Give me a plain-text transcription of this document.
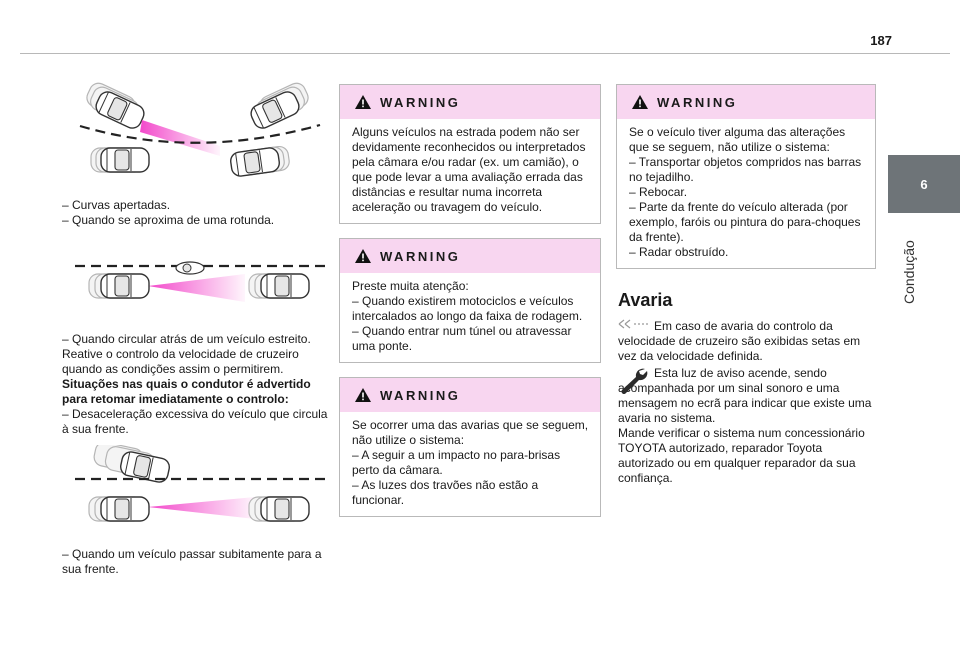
187
6
Condução

– Curvas apertadas.

– Quando se aproxima de uma rotunda.

– Quando circular atrás de um veículo estreito. Reative o controlo da velocidade de cruzeiro quando as condições assim o permitirem.

Situações nas quais o condutor é advertido para retomar imediatamente o controlo:

– Desaceleração excessiva do veículo que circula à sua frente.

– Quando um veículo passar subitamente para a sua frente.

WARNING

Alguns veículos na estrada podem não ser devidamente reconhecidos ou interpretados pela câmara e/ou radar (ex. um camião), o que pode levar a uma avaliação errada das distâncias e resultar numa incorreta aceleração ou travagem do veículo.

WARNING

Preste muita atenção:

– Quando existirem motociclos e veículos intercalados ao longo da faixa de rodagem.

– Quando entrar num túnel ou atravessar uma ponte.

WARNING

Se ocorrer uma das avarias que se seguem, não utilize o sistema:

– A seguir a um impacto no para-brisas perto da câmara.

– As luzes dos travões não estão a funcionar.

WARNING

Se o veículo tiver alguma das alterações que se seguem, não utilize o sistema:

– Transportar objetos compridos nas barras no tejadilho.

– Rebocar.

– Parte da frente do veículo alterada (por exemplo, faróis ou pintura do para-choques da frente).

– Radar obstruído.

Avaria

Em caso de avaria do controlo da velocidade de cruzeiro são exibidas setas em vez da velocidade definida.

Esta luz de aviso acende, sendo acompanhada por um sinal sonoro e uma mensagem no ecrã para indicar que existe uma avaria no sistema.

Mande verificar o sistema num concessionário TOYOTA autorizado, reparador Toyota autorizado ou em qualquer reparador da sua confiança.
